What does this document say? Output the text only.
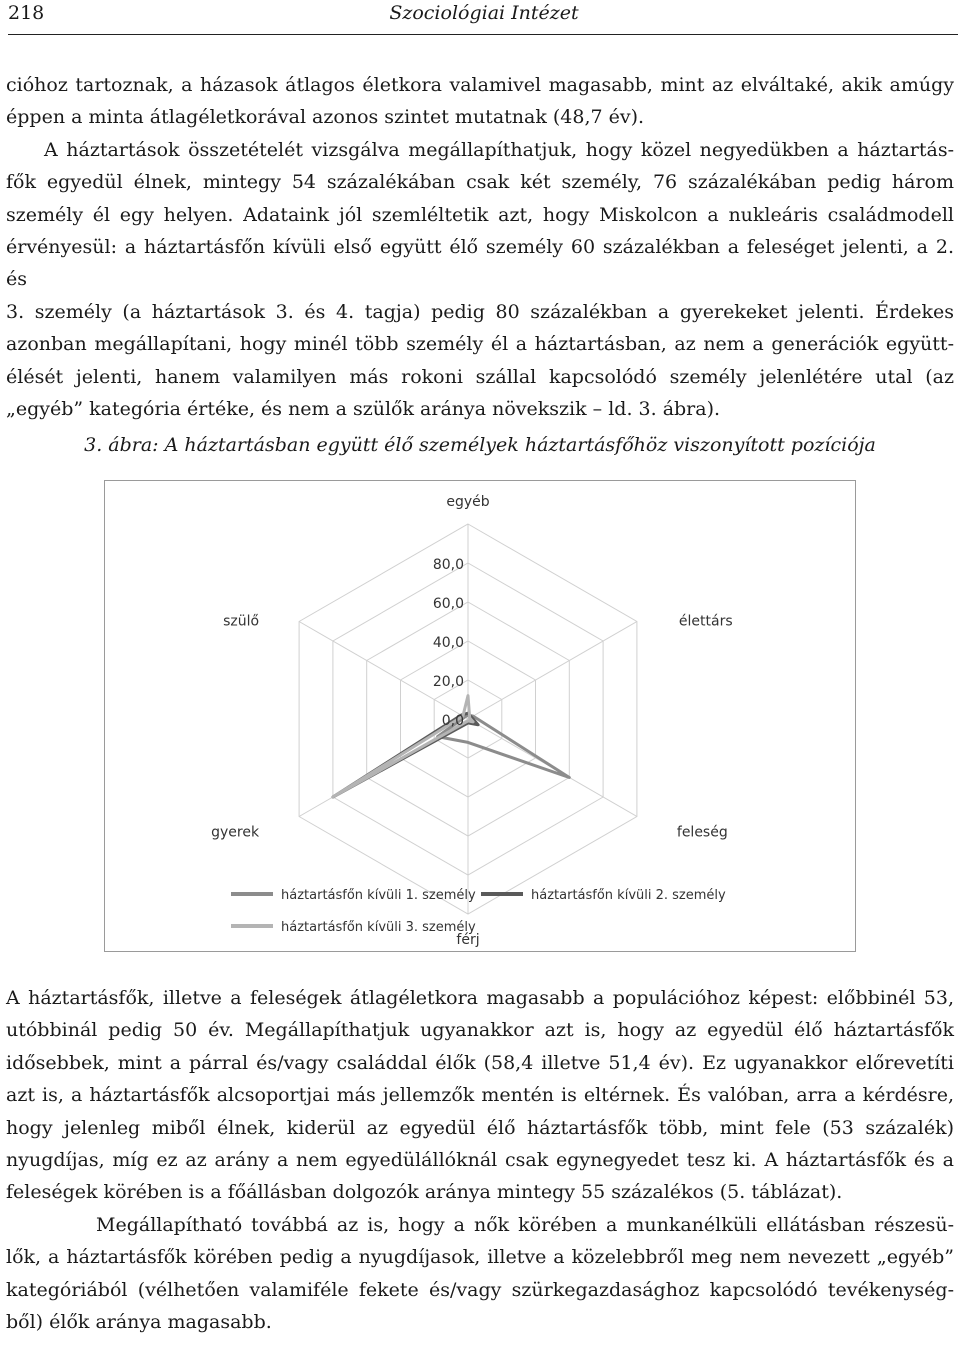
218	Szociológiai Intézet

cióhoz tartoznak, a házasok átlagos életkora valamivel magasabb, mint az elváltaké, akik amúgy

éppen a minta átlagéletkorával azonos szintet mutatnak (48,7 év).

A háztartások összetételét vizsgálva megállapíthatjuk, hogy közel negyedükben a háztartás-

fők egyedül élnek, mintegy 54 százalékában csak két személy, 76 százalékában pedig három

személy él egy helyen. Adataink jól szemléltetik azt, hogy Miskolcon a nukleáris családmodell

érvényesül: a háztartásfőn kívüli első együtt élő személy 60 százalékban a feleséget jelenti, a 2. és

3. személy (a háztartások 3. és 4. tagja) pedig 80 százalékban a gyerekeket jelenti. Érdekes

azonban megállapítani, hogy minél több személy él a háztartásban, az nem a generációk együtt-

élését jelenti, hanem valamilyen más rokoni szállal kapcsolódó személy jelenlétére utal (az

„egyéb” kategória értéke, és nem a szülők aránya növekszik – ld. 3. ábra).

3. ábra: A háztartásban együtt élő személyek háztartásfőhöz viszonyított pozíciója
0,0
20,0
40,0
60,0
80,0
egyéb
élettárs
feleség
férj
gyerek
szülő
háztartásfőn kívüli 1. személy	háztartásfőn kívüli 2. személy
háztartásfőn kívüli 3. személy

A háztartásfők, illetve a feleségek átlagéletkora magasabb a populációhoz képest: előbbinél 53,

utóbbinál pedig 50 év. Megállapíthatjuk ugyanakkor azt is, hogy az egyedül élő háztartásfők

idősebbek, mint a párral és/vagy családdal élők (58,4 illetve 51,4 év). Ez ugyanakkor előrevetíti

azt is, a háztartásfők alcsoportjai más jellemzők mentén is eltérnek. És valóban, arra a kérdésre,

hogy jelenleg miből élnek, kiderül az egyedül élő háztartásfők több, mint fele (53 százalék)

nyugdíjas, míg ez az arány a nem egyedülállóknál csak egynegyedet tesz ki. A háztartásfők és a

feleségek körében is a főállásban dolgozók aránya mintegy 55 százalékos (5. táblázat).

Megállapítható továbbá az is, hogy a nők körében a munkanélküli ellátásban részesü-

lők, a háztartásfők körében pedig a nyugdíjasok, illetve a közelebbről meg nem nevezett „egyéb”

kategóriából (vélhetően valamiféle fekete és/vagy szürkegazdasághoz kapcsolódó tevékenység-

ből) élők aránya magasabb.
